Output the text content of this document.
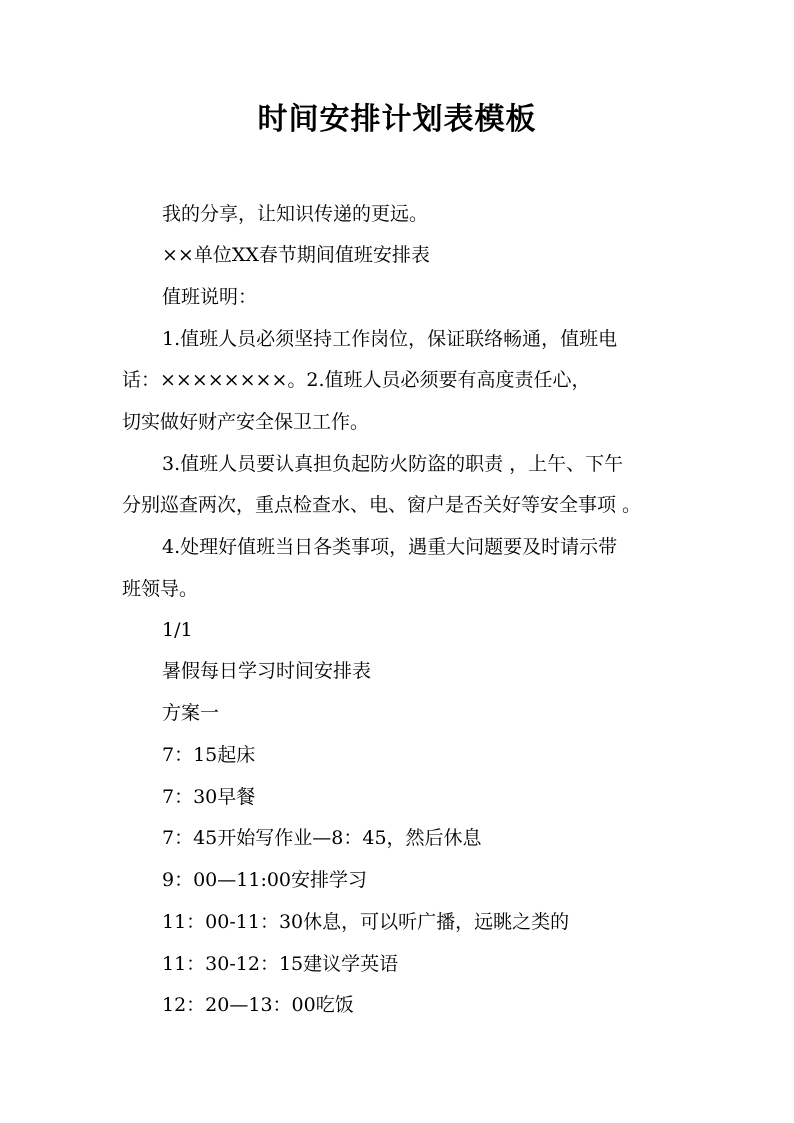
时间安排计划表模板
我的分享，让知识传递的更远。
××单位XX春节期间值班安排表
值班说明：
1.值班人员必须坚持工作岗位，保证联络畅通，值班电
话：××××××××。2.值班人员必须要有高度责任心，
切实做好财产安全保卫工作。
3.值班人员要认真担负起防火防盗的职责 ，上午、下午
分别巡查两次，重点检查水、电、窗户是否关好等安全事项 。
4.处理好值班当日各类事项，遇重大问题要及时请示带
班领导。
1/1
暑假每日学习时间安排表
方案一
7：15起床
7：30早餐
7：45开始写作业—8：45，然后休息
9：00—11:00安排学习
11：00-11：30休息，可以听广播，远眺之类的
11：30-12：15建议学英语
12：20—13：00吃饭
